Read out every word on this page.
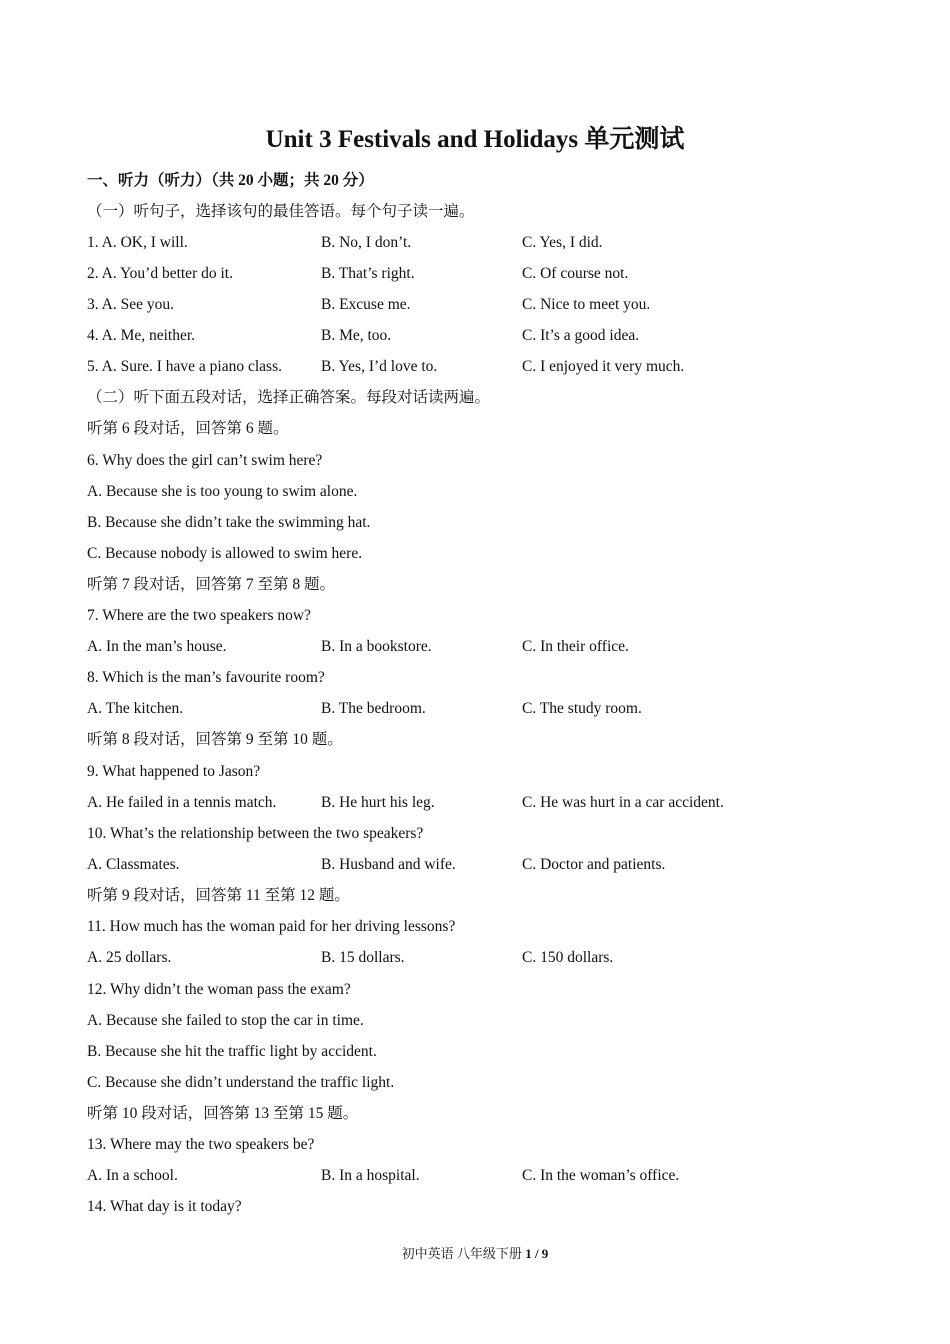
Unit 3 Festivals and Holidays 单元测试
一、听力（听力）（共 20 小题；共 20 分）
（一）听句子，选择该句的最佳答语。每个句子读一遍。
1. A. OK, I will.	B. No, I don’t.	C. Yes, I did.
2. A. You’d better do it.	B. That’s right.	C. Of course not.
3. A. See you.	B. Excuse me.	C. Nice to meet you.
4. A. Me, neither.	B. Me, too.	C. It’s a good idea.
5. A. Sure. I have a piano class.	B. Yes, I’d love to.	C. I enjoyed it very much.
（二）听下面五段对话，选择正确答案。每段对话读两遍。
听第 6 段对话，回答第 6 题。
6. Why does the girl can’t swim here?
A. Because she is too young to swim alone.
B. Because she didn’t take the swimming hat.
C. Because nobody is allowed to swim here.
听第 7 段对话，回答第 7 至第 8 题。
7. Where are the two speakers now?
A. In the man’s house.	B. In a bookstore.	C. In their office.
8. Which is the man’s favourite room?
A. The kitchen.	B. The bedroom.	C. The study room.
听第 8 段对话，回答第 9 至第 10 题。
9. What happened to Jason?
A. He failed in a tennis match.	B. He hurt his leg.	C. He was hurt in a car accident.
10. What’s the relationship between the two speakers?
A. Classmates.	B. Husband and wife.	C. Doctor and patients.
听第 9 段对话，回答第 11 至第 12 题。
11. How much has the woman paid for her driving lessons?
A. 25 dollars.	B. 15 dollars.	C. 150 dollars.
12. Why didn’t the woman pass the exam?
A. Because she failed to stop the car in time.
B. Because she hit the traffic light by accident.
C. Because she didn’t understand the traffic light.
听第 10 段对话，回答第 13 至第 15 题。
13. Where may the two speakers be?
A. In a school.	B. In a hospital.	C. In the woman’s office.
14. What day is it today?
初中英语 八年级下册 1 / 9
